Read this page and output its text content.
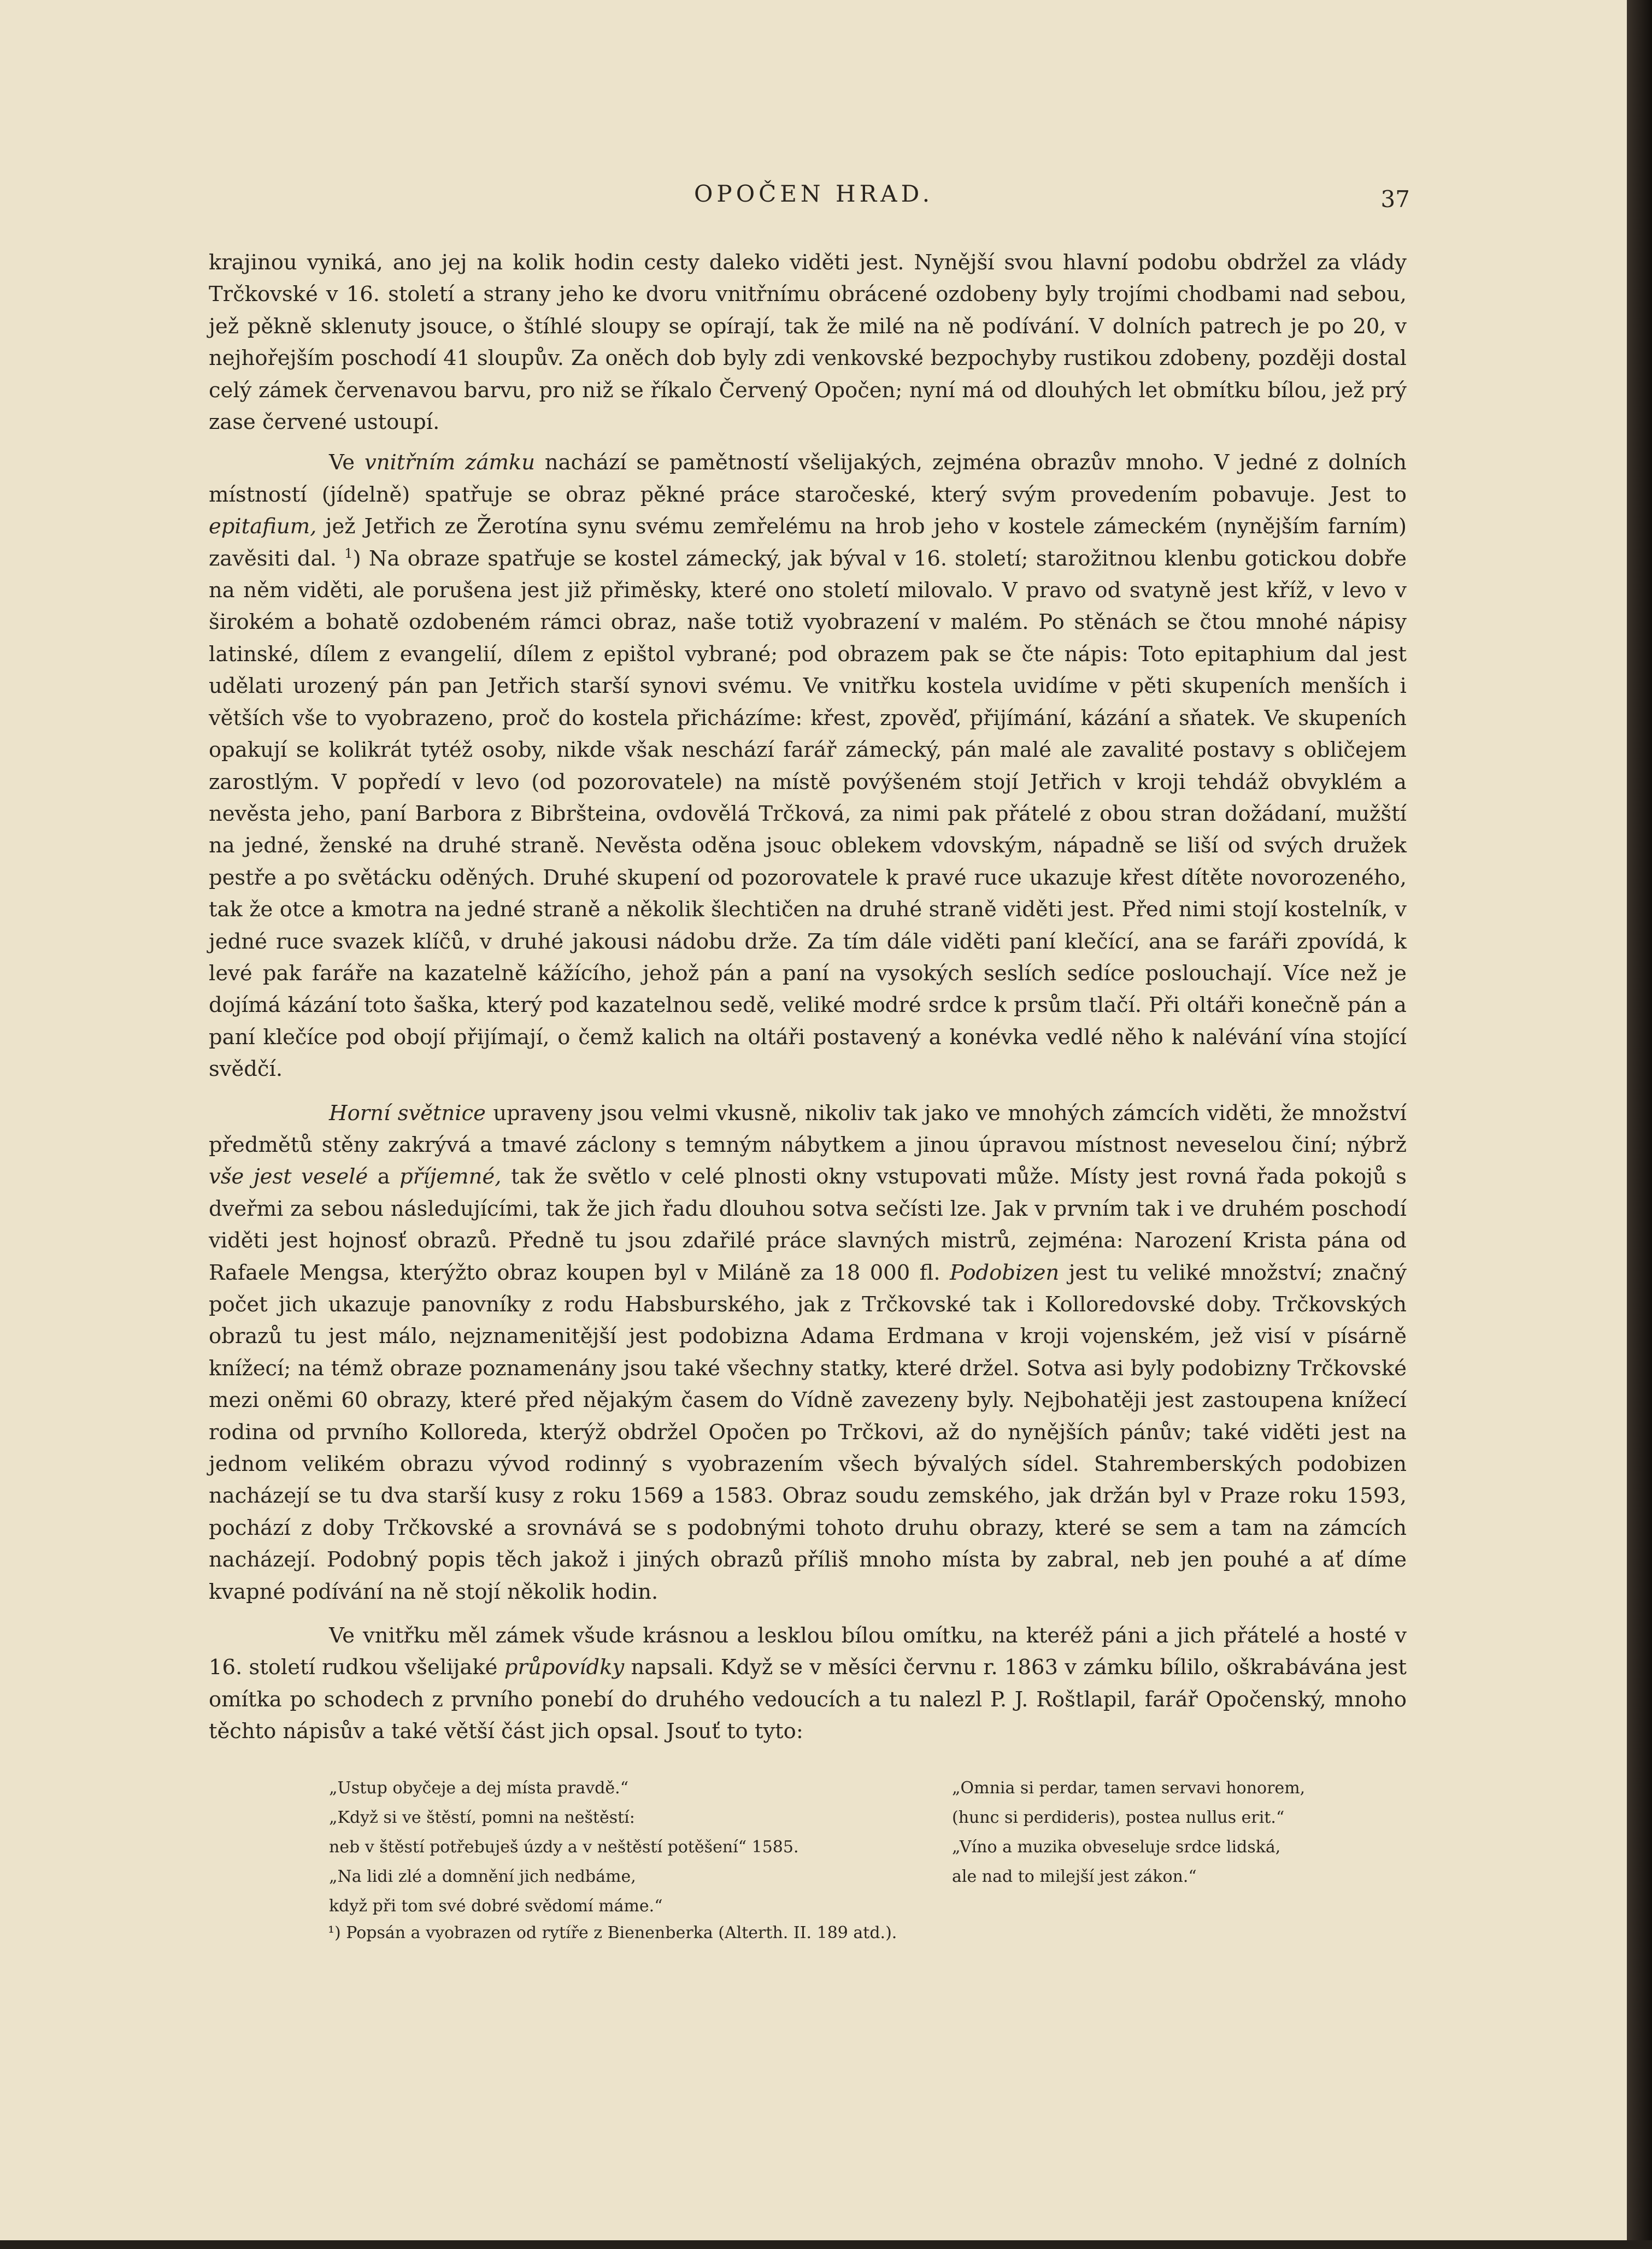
OPOČEN HRAD.	37

krajinou vyniká, ano jej na kolik hodin cesty daleko viděti jest. Nynější svou hlavní podobu obdržel za vlády Trčkovské v 16. století a strany jeho ke dvoru vnitřnímu obrácené ozdobeny byly trojími chodbami nad sebou, jež pěkně sklenuty jsouce, o štíhlé sloupy se opírají, tak že milé na ně podívání. V dolních patrech je po 20, v nejhořejším poschodí 41 sloupův. Za oněch dob byly zdi venkovské bezpochyby rustikou zdobeny, později dostal celý zámek červenavou barvu, pro niž se říkalo Červený Opočen; nyní má od dlouhých let obmítku bílou, jež prý zase červené ustoupí.

Ve vnitřním zámku nachází se pamětností všelijakých, zejména obrazův mnoho. V jedné z dolních místností (jídelně) spatřuje se obraz pěkné práce staročeské, který svým provedením pobavuje. Jest to epitafium, jež Jetřich ze Žerotína synu svému zemřelému na hrob jeho v kostele zámeckém (nynějším farním) zavěsiti dal. $^1$) Na obraze spatřuje se kostel zámecký, jak býval v 16. století; starožitnou klenbu gotickou dobře na něm viděti, ale porušena jest již přiměsky, které ono století milovalo. V pravo od svatyně jest kříž, v levo v širokém a bohatě ozdobeném rámci obraz, naše totiž vyobrazení v malém. Po stěnách se čtou mnohé nápisy latinské, dílem z evangelií, dílem z epištol vybrané; pod obrazem pak se čte nápis: Toto epitaphium dal jest udělati urozený pán pan Jetřich starší synovi svému. Ve vnitřku kostela uvidíme v pěti skupeních menších i větších vše to vyobrazeno, proč do kostela přicházíme: křest, zpověď, přijímání, kázání a sňatek. Ve skupeních opakují se kolikrát tytéž osoby, nikde však neschází farář zámecký, pán malé ale zavalité postavy s obličejem zarostlým. V popředí v levo (od pozorovatele) na místě povýšeném stojí Jetřich v kroji tehdáž obvyklém a nevěsta jeho, paní Barbora z Bibršteina, ovdovělá Trčková, za nimi pak přátelé z obou stran dožádaní, mužští na jedné, ženské na druhé straně. Nevěsta oděna jsouc oblekem vdovským, nápadně se liší od svých družek pestře a po světácku oděných. Druhé skupení od pozorovatele k pravé ruce ukazuje křest dítěte novorozeného, tak že otce a kmotra na jedné straně a několik šlechtičen na druhé straně viděti jest. Před nimi stojí kostelník, v jedné ruce svazek klíčů, v druhé jakousi nádobu drže. Za tím dále viděti paní klečící, ana se faráři zpovídá, k levé pak faráře na kazatelně kážícího, jehož pán a paní na vysokých seslích sedíce poslouchají. Více než je dojímá kázání toto šaška, který pod kazatelnou sedě, veliké modré srdce k prsům tlačí. Při oltáři konečně pán a paní klečíce pod obojí přijímají, o čemž kalich na oltáři postavený a konévka vedlé něho k nalévání vína stojící svědčí.

Horní světnice upraveny jsou velmi vkusně, nikoliv tak jako ve mnohých zámcích viděti, že množství předmětů stěny zakrývá a tmavé záclony s temným nábytkem a jinou úpravou místnost neveselou činí; nýbrž vše jest veselé a příjemné, tak že světlo v celé plnosti okny vstupovati může. Místy jest rovná řada pokojů s dveřmi za sebou následujícími, tak že jich řadu dlouhou sotva sečísti lze. Jak v prvním tak i ve druhém poschodí viděti jest hojnosť obrazů. Předně tu jsou zdařilé práce slavných mistrů, zejména: Narození Krista pána od Rafaele Mengsa, kterýžto obraz koupen byl v Miláně za 18 000 fl. Podobizen jest tu veliké množství; značný počet jich ukazuje panovníky z rodu Habsburského, jak z Trčkovské tak i Kolloredovské doby. Trčkovských obrazů tu jest málo, nejznamenitější jest podobizna Adama Erdmana v kroji vojenském, jež visí v písárně knížecí; na témž obraze poznamenány jsou také všechny statky, které držel. Sotva asi byly podobizny Trčkovské mezi oněmi 60 obrazy, které před nějakým časem do Vídně zavezeny byly. Nejbohatěji jest zastoupena knížecí rodina od prvního Kolloreda, kterýž obdržel Opočen po Trčkovi, až do nynějších pánův; také viděti jest na jednom velikém obrazu vývod rodinný s vyobrazením všech bývalých sídel. Stahremberských podobizen nacházejí se tu dva starší kusy z roku 1569 a 1583. Obraz soudu zemského, jak držán byl v Praze roku 1593, pochází z doby Trčkovské a srovnává se s podobnými tohoto druhu obrazy, které se sem a tam na zámcích nacházejí. Podobný popis těch jakož i jiných obrazů příliš mnoho místa by zabral, neb jen pouhé a ať díme kvapné podívání na ně stojí několik hodin.

Ve vnitřku měl zámek všude krásnou a lesklou bílou omítku, na kteréž páni a jich přátelé a hosté v 16. století rudkou všelijaké průpovídky napsali. Když se v měsíci červnu r. 1863 v zámku bílilo, oškrabávána jest omítka po schodech z prvního ponebí do druhého vedoucích a tu nalezl P. J. Roštlapil, farář Opočenský, mnoho těchto nápisův a také větší část jich opsal. Jsouť to tyto:

„Ustup obyčeje a dej místa pravdě.“
„Když si ve štěstí, pomni na neštěstí:
neb v štěstí potřebuješ úzdy a v neštěstí potěšení“ 1585.
„Na lidi zlé a domnění jich nedbáme,
když při tom své dobré svědomí máme.“
„Omnia si perdar, tamen servavi honorem,
(hunc si perdideris), postea nullus erit.“
„Víno a muzika obveseluje srdce lidská,
ale nad to milejší jest zákon.“
¹) Popsán a vyobrazen od rytíře z Bienenberka (Alterth. II. 189 atd.).
